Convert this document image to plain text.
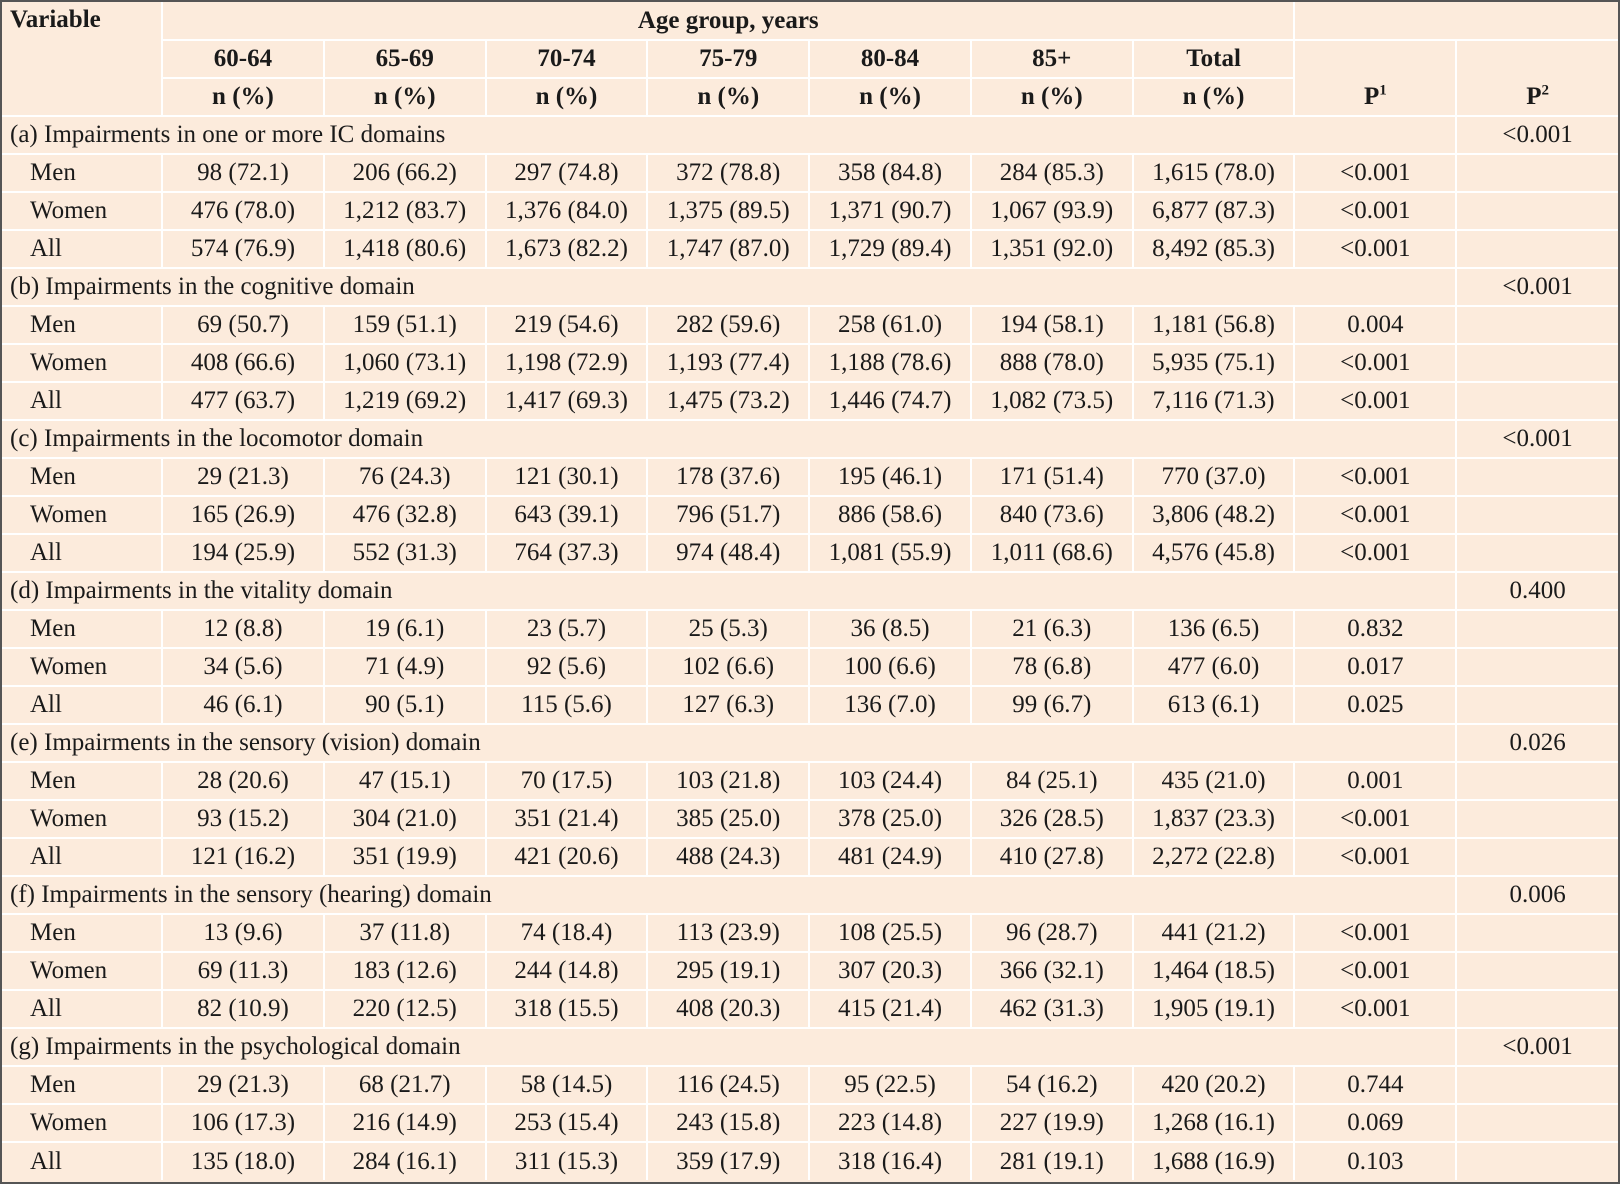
Variable	Age group, years								
	60-64	65-69	70-74	75-79	80-84	85+	Total	$P^1$	$P^2$
	n (%)	n (%)	n (%)	n (%)	n (%)	n (%)	n (%)		
(a) Impairments in one or more IC domains									<0.001
Men	98 (72.1)	206 (66.2)	297 (74.8)	372 (78.8)	358 (84.8)	284 (85.3)	1,615 (78.0)	<0.001	
Women	476 (78.0)	1,212 (83.7)	1,376 (84.0)	1,375 (89.5)	1,371 (90.7)	1,067 (93.9)	6,877 (87.3)	<0.001	
All	574 (76.9)	1,418 (80.6)	1,673 (82.2)	1,747 (87.0)	1,729 (89.4)	1,351 (92.0)	8,492 (85.3)	<0.001	
(b) Impairments in the cognitive domain									<0.001
Men	69 (50.7)	159 (51.1)	219 (54.6)	282 (59.6)	258 (61.0)	194 (58.1)	1,181 (56.8)	0.004	
Women	408 (66.6)	1,060 (73.1)	1,198 (72.9)	1,193 (77.4)	1,188 (78.6)	888 (78.0)	5,935 (75.1)	<0.001	
All	477 (63.7)	1,219 (69.2)	1,417 (69.3)	1,475 (73.2)	1,446 (74.7)	1,082 (73.5)	7,116 (71.3)	<0.001	
(c) Impairments in the locomotor domain									<0.001
Men	29 (21.3)	76 (24.3)	121 (30.1)	178 (37.6)	195 (46.1)	171 (51.4)	770 (37.0)	<0.001	
Women	165 (26.9)	476 (32.8)	643 (39.1)	796 (51.7)	886 (58.6)	840 (73.6)	3,806 (48.2)	<0.001	
All	194 (25.9)	552 (31.3)	764 (37.3)	974 (48.4)	1,081 (55.9)	1,011 (68.6)	4,576 (45.8)	<0.001	
(d) Impairments in the vitality domain									0.400
Men	12 (8.8)	19 (6.1)	23 (5.7)	25 (5.3)	36 (8.5)	21 (6.3)	136 (6.5)	0.832	
Women	34 (5.6)	71 (4.9)	92 (5.6)	102 (6.6)	100 (6.6)	78 (6.8)	477 (6.0)	0.017	
All	46 (6.1)	90 (5.1)	115 (5.6)	127 (6.3)	136 (7.0)	99 (6.7)	613 (6.1)	0.025	
(e) Impairments in the sensory (vision) domain									0.026
Men	28 (20.6)	47 (15.1)	70 (17.5)	103 (21.8)	103 (24.4)	84 (25.1)	435 (21.0)	0.001	
Women	93 (15.2)	304 (21.0)	351 (21.4)	385 (25.0)	378 (25.0)	326 (28.5)	1,837 (23.3)	<0.001	
All	121 (16.2)	351 (19.9)	421 (20.6)	488 (24.3)	481 (24.9)	410 (27.8)	2,272 (22.8)	<0.001	
(f) Impairments in the sensory (hearing) domain									0.006
Men	13 (9.6)	37 (11.8)	74 (18.4)	113 (23.9)	108 (25.5)	96 (28.7)	441 (21.2)	<0.001	
Women	69 (11.3)	183 (12.6)	244 (14.8)	295 (19.1)	307 (20.3)	366 (32.1)	1,464 (18.5)	<0.001	
All	82 (10.9)	220 (12.5)	318 (15.5)	408 (20.3)	415 (21.4)	462 (31.3)	1,905 (19.1)	<0.001	
(g) Impairments in the psychological domain									<0.001
Men	29 (21.3)	68 (21.7)	58 (14.5)	116 (24.5)	95 (22.5)	54 (16.2)	420 (20.2)	0.744	
Women	106 (17.3)	216 (14.9)	253 (15.4)	243 (15.8)	223 (14.8)	227 (19.9)	1,268 (16.1)	0.069	
All	135 (18.0)	284 (16.1)	311 (15.3)	359 (17.9)	318 (16.4)	281 (19.1)	1,688 (16.9)	0.103	
